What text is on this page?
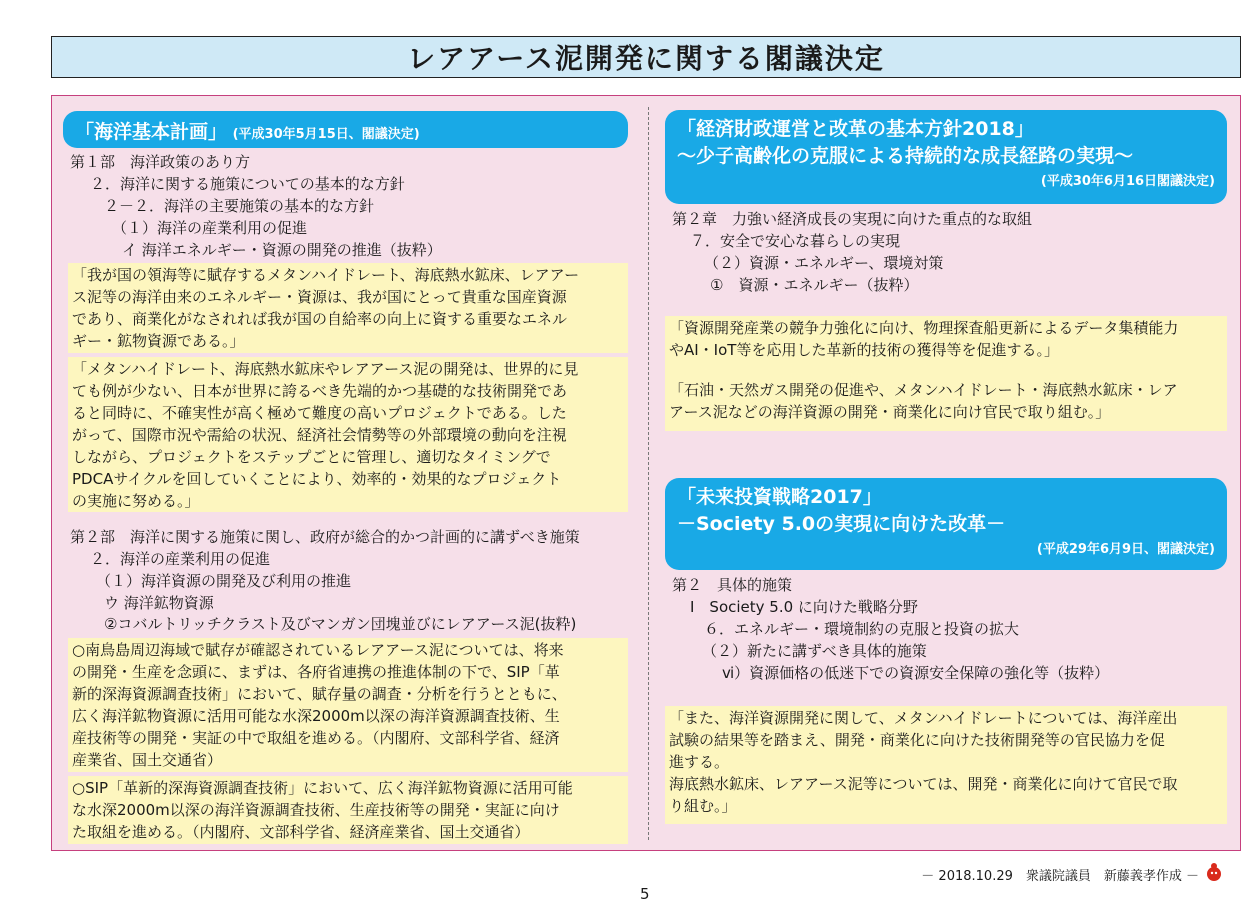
レアアース泥開発に関する閣議決定
「海洋基本計画」 (平成30年5月15日、閣議決定)
第１部　海洋政策のあり方
２．海洋に関する施策についての基本的な方針
２－２．海洋の主要施策の基本的な方針
（１）海洋の産業利用の促進
イ 海洋エネルギー・資源の開発の推進（抜粋）
「我が国の領海等に賦存するメタンハイドレート、海底熱水鉱床、レアアー
ス泥等の海洋由来のエネルギー・資源は、我が国にとって貴重な国産資源
であり、商業化がなされれば我が国の自給率の向上に資する重要なエネル
ギー・鉱物資源である。」
「メタンハイドレート、海底熱水鉱床やレアアース泥の開発は、世界的に見
ても例が少ない、日本が世界に誇るべき先端的かつ基礎的な技術開発であ
ると同時に、不確実性が高く極めて難度の高いプロジェクトである。した
がって、国際市況や需給の状況、経済社会情勢等の外部環境の動向を注視
しながら、プロジェクトをステップごとに管理し、適切なタイミングで
PDCAサイクルを回していくことにより、効率的・効果的なプロジェクト
の実施に努める。」
第２部　海洋に関する施策に関し、政府が総合的かつ計画的に講ずべき施策
２．海洋の産業利用の促進
（１）海洋資源の開発及び利用の推進
ウ 海洋鉱物資源
②コバルトリッチクラスト及びマンガン団塊並びにレアアース泥(抜粋)
○南鳥島周辺海域で賦存が確認されているレアアース泥については、将来
の開発・生産を念頭に、まずは、各府省連携の推進体制の下で、SIP「革
新的深海資源調査技術」において、賦存量の調査・分析を行うとともに、
広く海洋鉱物資源に活用可能な水深2000m以深の海洋資源調査技術、生
産技術等の開発・実証の中で取組を進める。（内閣府、文部科学省、経済
産業省、国土交通省）
○SIP「革新的深海資源調査技術」において、広く海洋鉱物資源に活用可能
な水深2000m以深の海洋資源調査技術、生産技術等の開発・実証に向け
た取組を進める。（内閣府、文部科学省、経済産業省、国土交通省）
「経済財政運営と改革の基本方針2018」
～少子高齢化の克服による持続的な成長経路の実現～
(平成30年6月16日閣議決定)
第２章　力強い経済成長の実現に向けた重点的な取組
７．安全で安心な暮らしの実現
（２）資源・エネルギー、環境対策
①　資源・エネルギー（抜粋）
「資源開発産業の競争力強化に向け、物理探査船更新によるデータ集積能力
やAI・IoT等を応用した革新的技術の獲得等を促進する。」
「石油・天然ガス開発の促進や、メタンハイドレート・海底熱水鉱床・レア
アース泥などの海洋資源の開発・商業化に向け官民で取り組む。」
「未来投資戦略2017」
－Society 5.0の実現に向けた改革－
(平成29年6月9日、閣議決定)
第２　具体的施策
Ⅰ　Society 5.0 に向けた戦略分野
６．エネルギー・環境制約の克服と投資の拡大
（２）新たに講ずべき具体的施策
ⅵ）資源価格の低迷下での資源安全保障の強化等（抜粋）
「また、海洋資源開発に関して、メタンハイドレートについては、海洋産出
試験の結果等を踏まえ、開発・商業化に向けた技術開発等の官民協力を促
進する。
海底熱水鉱床、レアアース泥等については、開発・商業化に向けて官民で取
り組む。」
－ 2018.10.29　衆議院議員　新藤義孝作成 －
5
